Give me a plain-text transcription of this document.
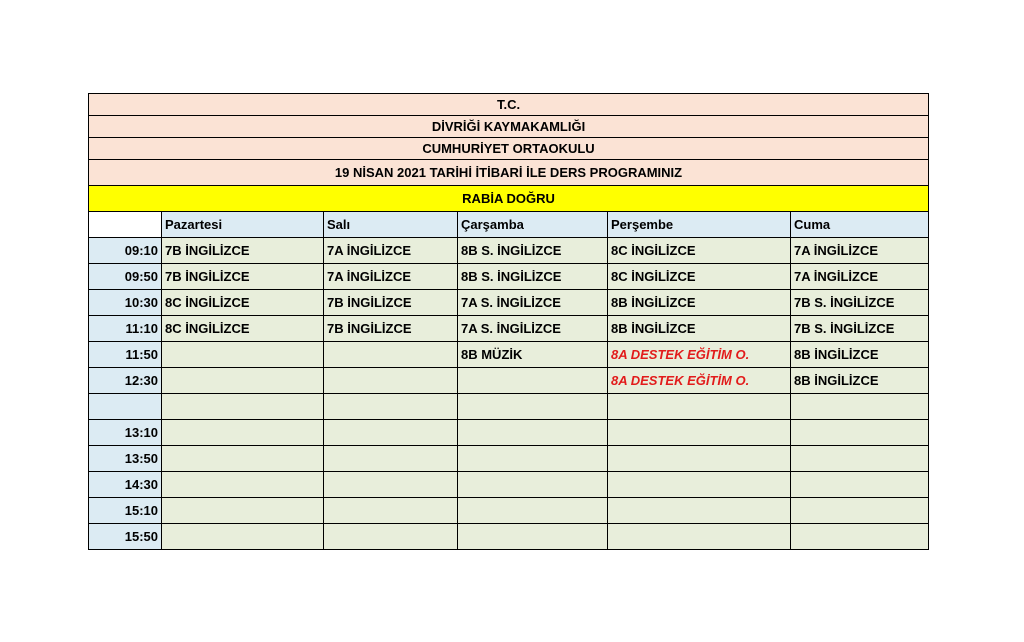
T.C.					
DİVRİĞİ KAYMAKAMLIĞI					
CUMHURİYET ORTAOKULU					
19 NİSAN 2021 TARİHİ İTİBARİ İLE DERS PROGRAMINIZ					
RABİA DOĞRU					
	Pazartesi	Salı	Çarşamba	Perşembe	Cuma
09:10	7B İNGİLİZCE	7A İNGİLİZCE	8B S. İNGİLİZCE	8C İNGİLİZCE	7A İNGİLİZCE
09:50	7B İNGİLİZCE	7A İNGİLİZCE	8B S. İNGİLİZCE	8C İNGİLİZCE	7A İNGİLİZCE
10:30	8C İNGİLİZCE	7B İNGİLİZCE	7A S. İNGİLİZCE	8B İNGİLİZCE	7B S. İNGİLİZCE
11:10	8C İNGİLİZCE	7B İNGİLİZCE	7A S. İNGİLİZCE	8B İNGİLİZCE	7B S. İNGİLİZCE
11:50			8B MÜZİK	8A DESTEK EĞİTİM O.	8B İNGİLİZCE
12:30				8A DESTEK EĞİTİM O.	8B İNGİLİZCE

13:10					
13:50					
14:30					
15:10					
15:50					
